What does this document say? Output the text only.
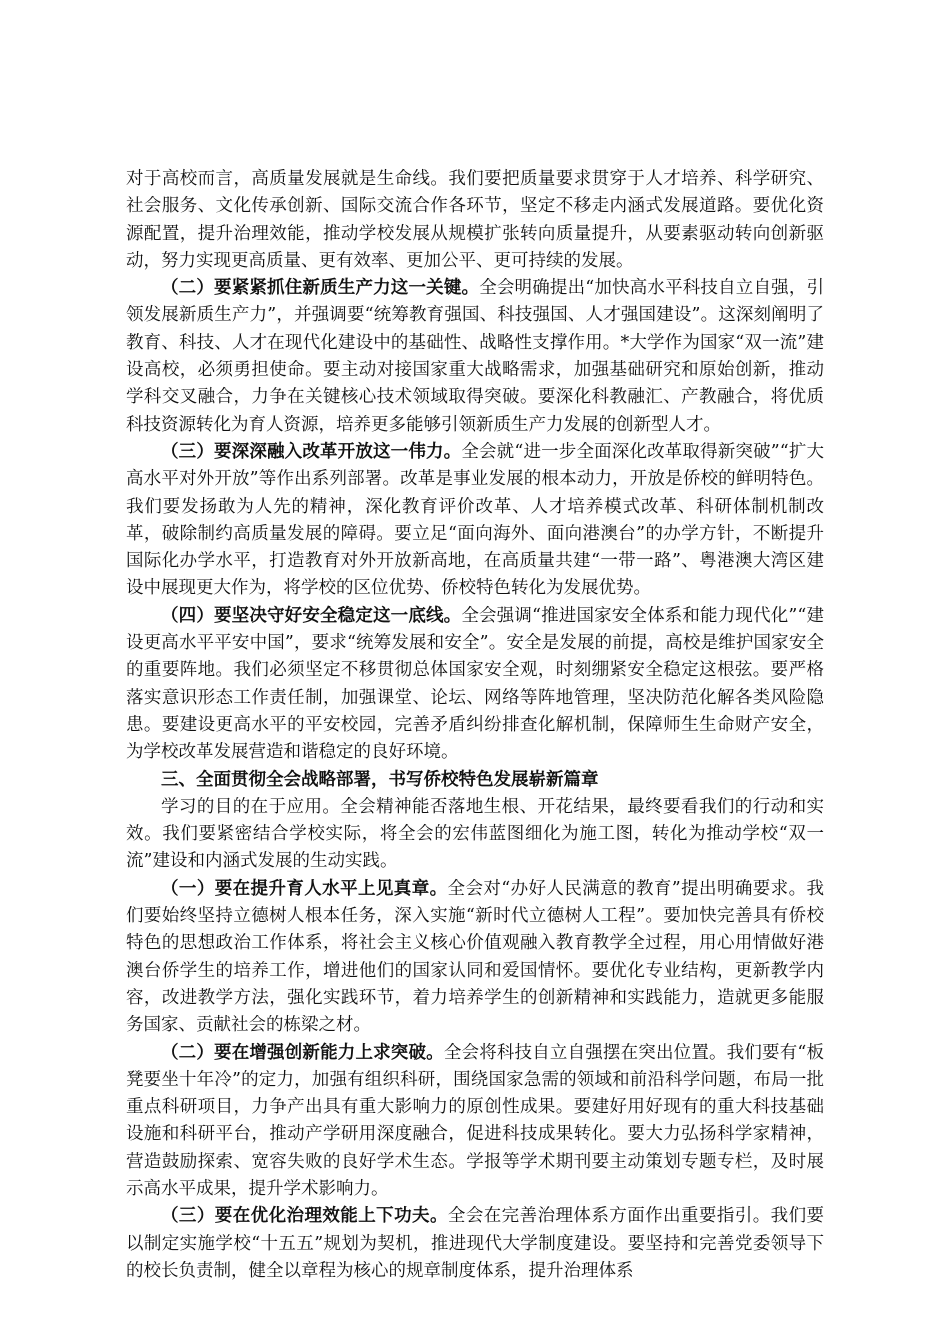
对于高校而言，高质量发展就是生命线。我们要把质量要求贯穿于人才培养、科学研究、社会服务、文化传承创新、国际交流合作各环节，坚定不移走内涵式发展道路。要优化资源配置，提升治理效能，推动学校发展从规模扩张转向质量提升，从要素驱动转向创新驱动，努力实现更高质量、更有效率、更加公平、更可持续的发展。

（二）要紧紧抓住新质生产力这一关键。全会明确提出“加快高水平科技自立自强，引领发展新质生产力”，并强调要“统筹教育强国、科技强国、人才强国建设”。这深刻阐明了教育、科技、人才在现代化建设中的基础性、战略性支撑作用。*大学作为国家“双一流”建设高校，必须勇担使命。要主动对接国家重大战略需求，加强基础研究和原始创新，推动学科交叉融合，力争在关键核心技术领域取得突破。要深化科教融汇、产教融合，将优质科技资源转化为育人资源，培养更多能够引领新质生产力发展的创新型人才。

（三）要深深融入改革开放这一伟力。全会就“进一步全面深化改革取得新突破”“扩大高水平对外开放”等作出系列部署。改革是事业发展的根本动力，开放是侨校的鲜明特色。我们要发扬敢为人先的精神，深化教育评价改革、人才培养模式改革、科研体制机制改革，破除制约高质量发展的障碍。要立足“面向海外、面向港澳台”的办学方针，不断提升国际化办学水平，打造教育对外开放新高地，在高质量共建“一带一路”、粤港澳大湾区建设中展现更大作为，将学校的区位优势、侨校特色转化为发展优势。

（四）要坚决守好安全稳定这一底线。全会强调“推进国家安全体系和能力现代化”“建设更高水平平安中国”，要求“统筹发展和安全”。安全是发展的前提，高校是维护国家安全的重要阵地。我们必须坚定不移贯彻总体国家安全观，时刻绷紧安全稳定这根弦。要严格落实意识形态工作责任制，加强课堂、论坛、网络等阵地管理，坚决防范化解各类风险隐患。要建设更高水平的平安校园，完善矛盾纠纷排查化解机制，保障师生生命财产安全，为学校改革发展营造和谐稳定的良好环境。

三、全面贯彻全会战略部署，书写侨校特色发展崭新篇章

学习的目的在于应用。全会精神能否落地生根、开花结果，最终要看我们的行动和实效。我们要紧密结合学校实际，将全会的宏伟蓝图细化为施工图，转化为推动学校“双一流”建设和内涵式发展的生动实践。

（一）要在提升育人水平上见真章。全会对“办好人民满意的教育”提出明确要求。我们要始终坚持立德树人根本任务，深入实施“新时代立德树人工程”。要加快完善具有侨校特色的思想政治工作体系，将社会主义核心价值观融入教育教学全过程，用心用情做好港澳台侨学生的培养工作，增进他们的国家认同和爱国情怀。要优化专业结构，更新教学内容，改进教学方法，强化实践环节，着力培养学生的创新精神和实践能力，造就更多能服务国家、贡献社会的栋梁之材。

（二）要在增强创新能力上求突破。全会将科技自立自强摆在突出位置。我们要有“板凳要坐十年冷”的定力，加强有组织科研，围绕国家急需的领域和前沿科学问题，布局一批重点科研项目，力争产出具有重大影响力的原创性成果。要建好用好现有的重大科技基础设施和科研平台，推动产学研用深度融合，促进科技成果转化。要大力弘扬科学家精神，营造鼓励探索、宽容失败的良好学术生态。学报等学术期刊要主动策划专题专栏，及时展示高水平成果，提升学术影响力。

（三）要在优化治理效能上下功夫。全会在完善治理体系方面作出重要指引。我们要以制定实施学校“十五五”规划为契机，推进现代大学制度建设。要坚持和完善党委领导下的校长负责制，健全以章程为核心的规章制度体系，提升治理体系
